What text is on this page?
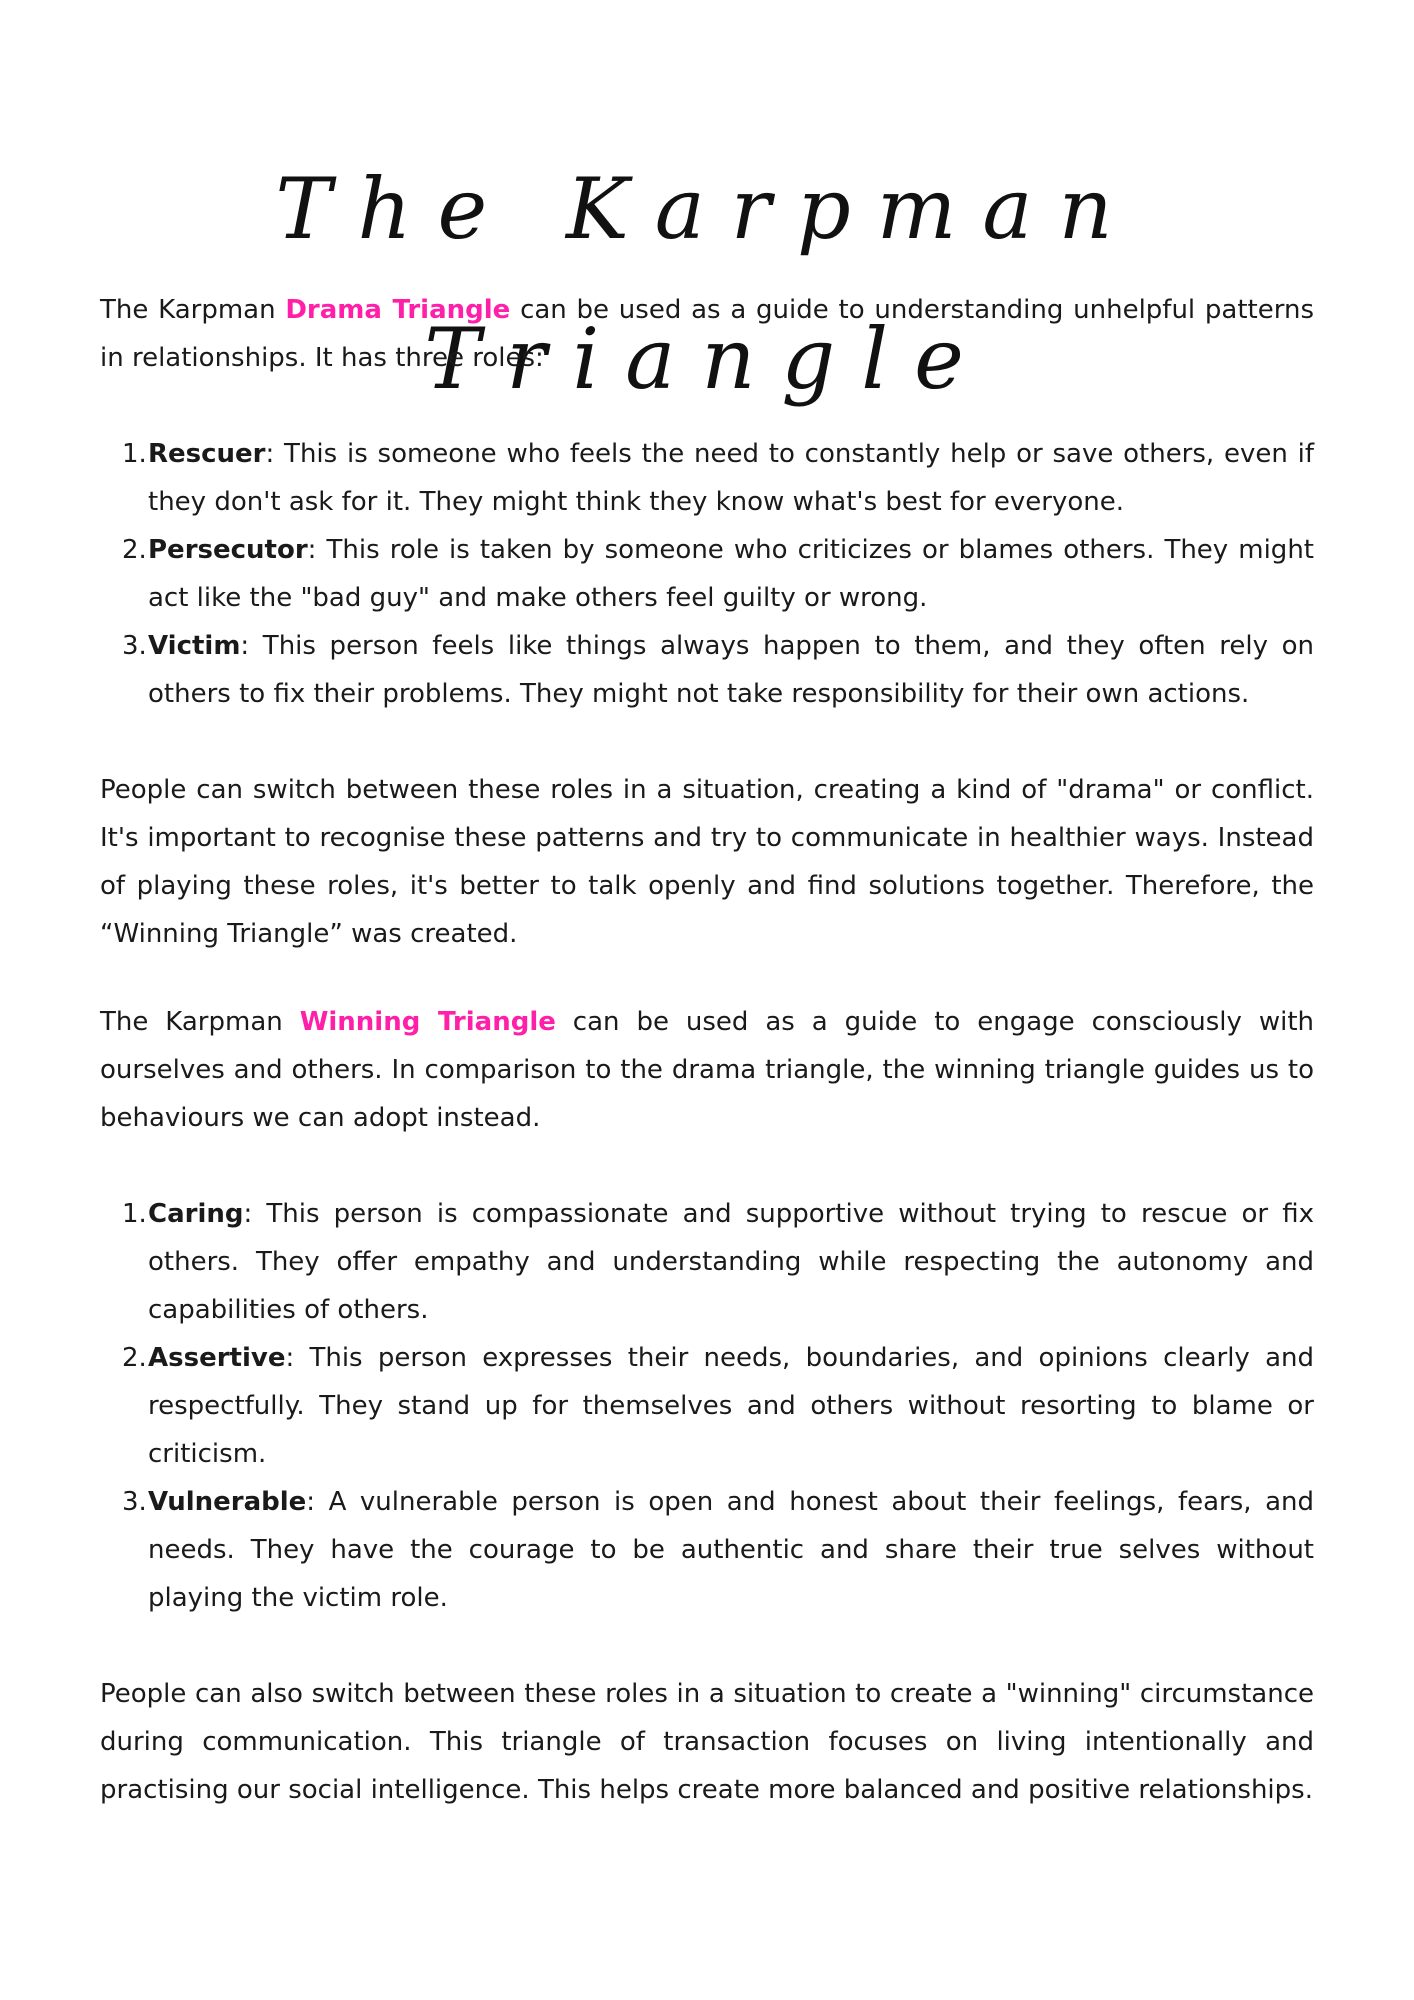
The Karpman Triangle

The Karpman Drama Triangle can be used as a guide to understanding unhelpful patterns in relationships. It has three roles:

1. Rescuer: This is someone who feels the need to constantly help or save others, even if they don't ask for it. They might think they know what's best for everyone.
2. Persecutor: This role is taken by someone who criticizes or blames others. They might act like the "bad guy" and make others feel guilty or wrong.
3. Victim: This person feels like things always happen to them, and they often rely on others to fix their problems. They might not take responsibility for their own actions.

People can switch between these roles in a situation, creating a kind of "drama" or conflict. It's important to recognise these patterns and try to communicate in healthier ways. Instead of playing these roles, it's better to talk openly and find solutions together. Therefore, the “Winning Triangle” was created.

The Karpman Winning Triangle can be used as a guide to engage consciously with ourselves and others. In comparison to the drama triangle, the winning triangle guides us to behaviours we can adopt instead.

1. Caring: This person is compassionate and supportive without trying to rescue or fix others. They offer empathy and understanding while respecting the autonomy and capabilities of others.
2. Assertive: This person expresses their needs, boundaries, and opinions clearly and respectfully. They stand up for themselves and others without resorting to blame or criticism.
3. Vulnerable: A vulnerable person is open and honest about their feelings, fears, and needs. They have the courage to be authentic and share their true selves without playing the victim role.

People can also switch between these roles in a situation to create a "winning" circumstance during communication. This triangle of transaction focuses on living intentionally and practising our social intelligence. This helps create more balanced and positive relationships.
